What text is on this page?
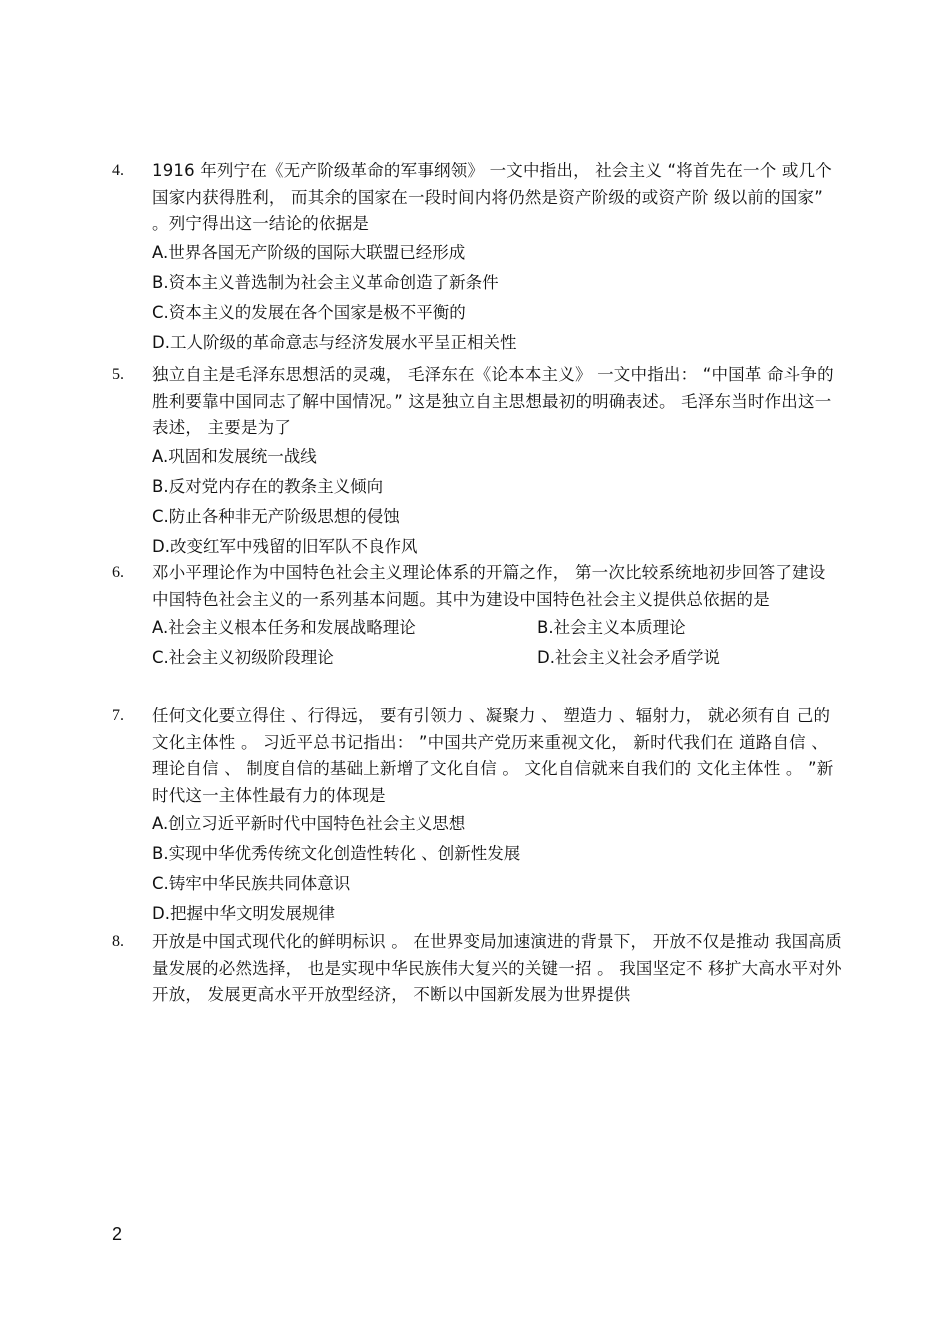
4. 1916 年列宁在《无产阶级革命的军事纲领》 一文中指出， 社会主义 “将首先在一个 或几个国家内获得胜利， 而其余的国家在一段时间内将仍然是资产阶级的或资产阶 级以前的国家” 。列宁得出这一结论的依据是
A.世界各国无产阶级的国际大联盟已经形成
B.资本主义普选制为社会主义革命创造了新条件
C.资本主义的发展在各个国家是极不平衡的
D.工人阶级的革命意志与经济发展水平呈正相关性
5. 独立自主是毛泽东思想活的灵魂， 毛泽东在《论本本主义》 一文中指出： “中国革 命斗争的胜利要靠中国同志了解中国情况。” 这是独立自主思想最初的明确表述。 毛泽东当时作出这一表述， 主要是为了
A.巩固和发展统一战线
B.反对党内存在的教条主义倾向
C.防止各种非无产阶级思想的侵蚀
D.改变红军中残留的旧军队不良作风
6. 邓小平理论作为中国特色社会主义理论体系的开篇之作， 第一次比较系统地初步回答了建设中国特色社会主义的一系列基本问题。其中为建设中国特色社会主义提供总依据的是
A.社会主义根本任务和发展战略理论	B.社会主义本质理论
C.社会主义初级阶段理论	D.社会主义社会矛盾学说
7. 任何文化要立得住 、行得远， 要有引领力 、凝聚力 、 塑造力 、辐射力， 就必须有自 己的文化主体性 。 习近平总书记指出： ”中国共产党历来重视文化， 新时代我们在 道路自信 、理论自信 、 制度自信的基础上新增了文化自信 。 文化自信就来自我们的 文化主体性 。 ”新时代这一主体性最有力的体现是
A.创立习近平新时代中国特色社会主义思想
B.实现中华优秀传统文化创造性转化 、创新性发展
C.铸牢中华民族共同体意识
D.把握中华文明发展规律
8. 开放是中国式现代化的鲜明标识 。 在世界变局加速演进的背景下， 开放不仅是推动 我国高质量发展的必然选择， 也是实现中华民族伟大复兴的关键一招 。 我国坚定不 移扩大高水平对外开放， 发展更高水平开放型经济， 不断以中国新发展为世界提供
2
